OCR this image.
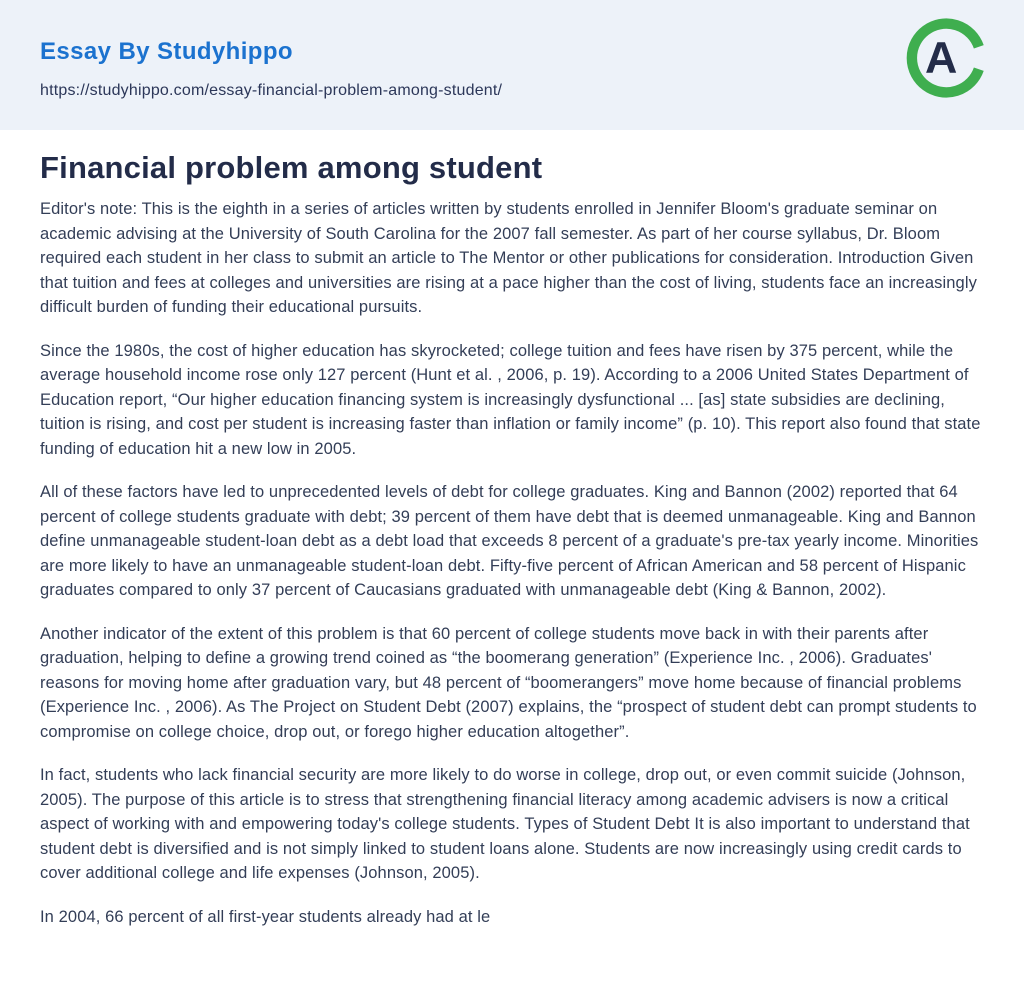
Essay By Studyhippo
https://studyhippo.com/essay-financial-problem-among-student/
A
Financial problem among student

Editor's note: This is the eighth in a series of articles written by students enrolled in Jennifer Bloom's graduate seminar on academic advising at the University of South Carolina for the 2007 fall semester. As part of her course syllabus, Dr. Bloom required each student in her class to submit an article to The Mentor or other publications for consideration. Introduction Given that tuition and fees at colleges and universities are rising at a pace higher than the cost of living, students face an increasingly difficult burden of funding their educational pursuits.

Since the 1980s, the cost of higher education has skyrocketed; college tuition and fees have risen by 375 percent, while the average household income rose only 127 percent (Hunt et al. , 2006, p. 19). According to a 2006 United States Department of Education report, “Our higher education financing system is increasingly dysfunctional ... [as] state subsidies are declining, tuition is rising, and cost per student is increasing faster than inflation or family income” (p. 10). This report also found that state funding of education hit a new low in 2005.

All of these factors have led to unprecedented levels of debt for college graduates. King and Bannon (2002) reported that 64 percent of college students graduate with debt; 39 percent of them have debt that is deemed unmanageable. King and Bannon define unmanageable student-loan debt as a debt load that exceeds 8 percent of a graduate's pre-tax yearly income. Minorities are more likely to have an unmanageable student-loan debt. Fifty-five percent of African American and 58 percent of Hispanic graduates compared to only 37 percent of Caucasians graduated with unmanageable debt (King & Bannon, 2002).

Another indicator of the extent of this problem is that 60 percent of college students move back in with their parents after graduation, helping to define a growing trend coined as “the boomerang generation” (Experience Inc. , 2006). Graduates' reasons for moving home after graduation vary, but 48 percent of “boomerangers” move home because of financial problems (Experience Inc. , 2006). As The Project on Student Debt (2007) explains, the “prospect of student debt can prompt students to compromise on college choice, drop out, or forego higher education altogether”.

In fact, students who lack financial security are more likely to do worse in college, drop out, or even commit suicide (Johnson, 2005). The purpose of this article is to stress that strengthening financial literacy among academic advisers is now a critical aspect of working with and empowering today's college students. Types of Student Debt It is also important to understand that student debt is diversified and is not simply linked to student loans alone. Students are now increasingly using credit cards to cover additional college and life expenses (Johnson, 2005).

In 2004, 66 percent of all first-year students already had at le
